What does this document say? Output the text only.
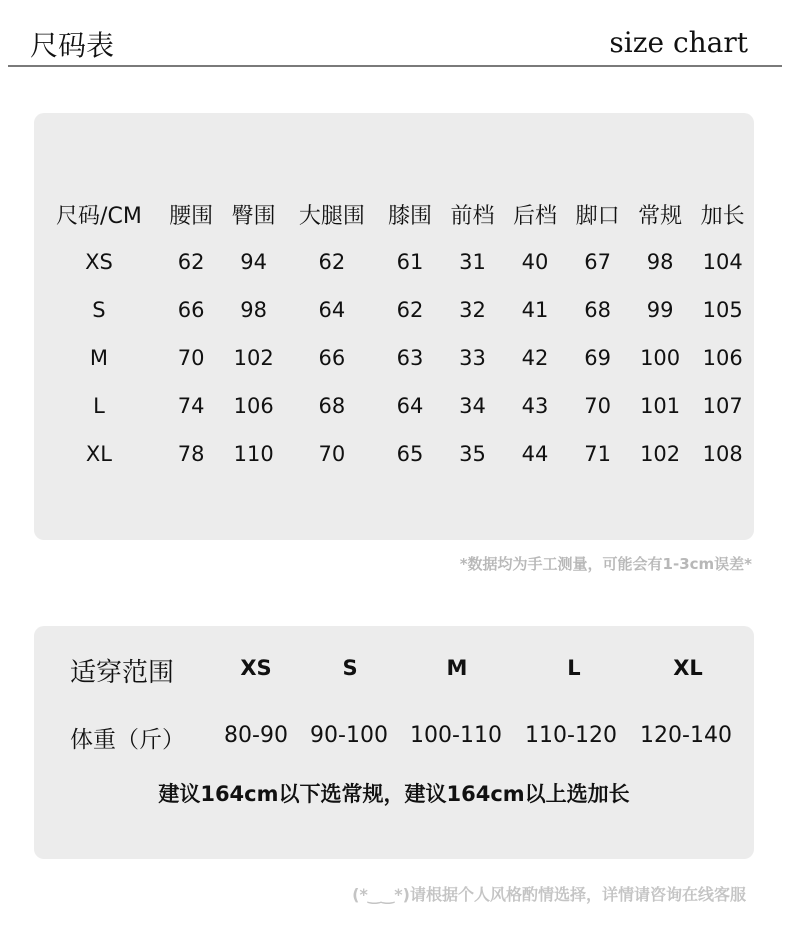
尺码表	size chart
尺码/CM	腰围	臀围	大腿围	膝围	前档	后档	脚口	常规	加长
XS	62	94	62	61	31	40	67	98	104
S	66	98	64	62	32	41	68	99	105
M	70	102	66	63	33	42	69	100	106
L	74	106	68	64	34	43	70	101	107
XL	78	110	70	65	35	44	71	102	108
*数据均为手工测量，可能会有1-3cm误差*
适穿范围	XS	S	M	L	XL
体重（斤）	80-90	90-100	100-110	110-120	120-140
建议164cm以下选常规，建议164cm以上选加长
(*‿‿*)请根据个人风格酌情选择，详情请咨询在线客服
